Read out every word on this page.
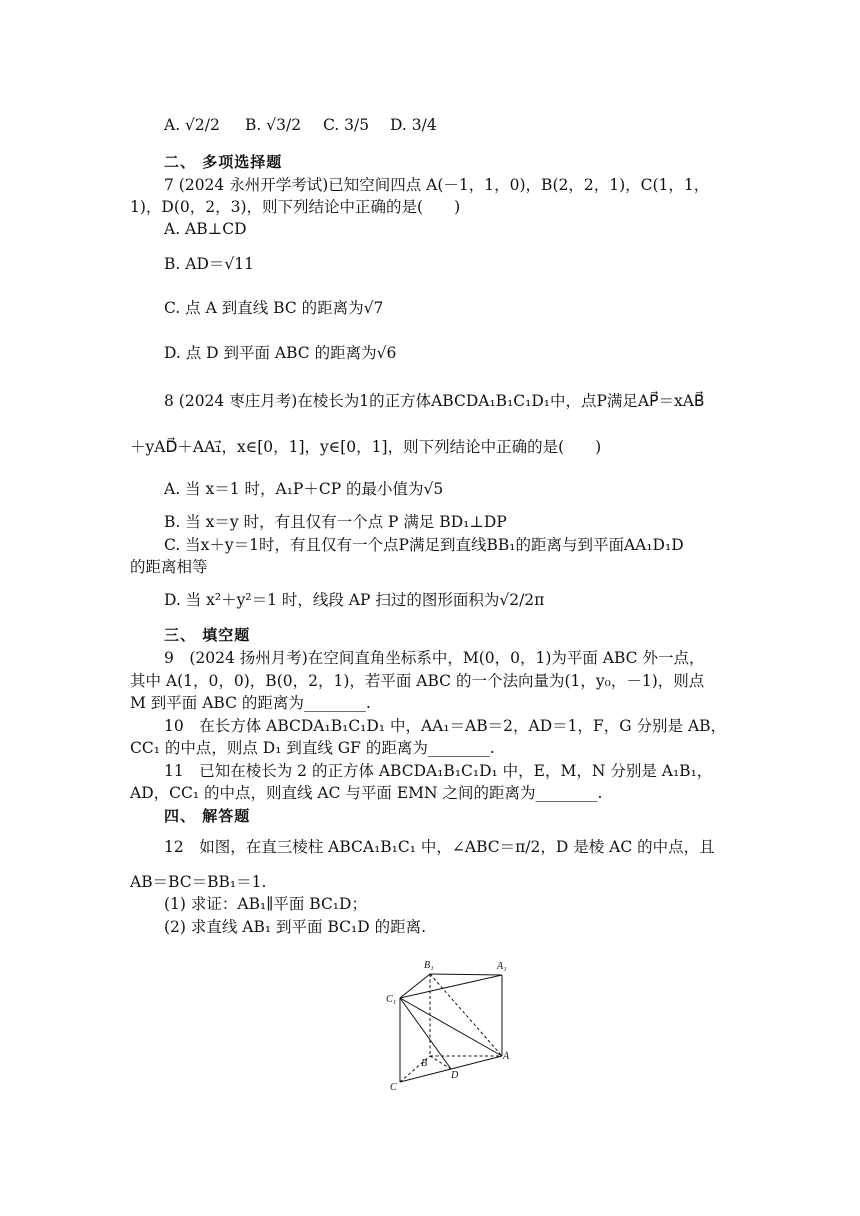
A. √2/2 B. √3/2 C. 3/5 D. 3/4
二、 多项选择题
7 (2024 永州开学考试)已知空间四点 A(－1，1，0)，B(2，2，1)，C(1，1，
1)，D(0，2，3)，则下列结论中正确的是(　　)
A. AB⊥CD
B. AD＝√11
C. 点 A 到直线 BC 的距离为√7
D. 点 D 到平面 ABC 的距离为√6
8 (2024 枣庄月考)在棱长为1的正方体ABCDA₁B₁C₁D₁中，点P满足AP⃗＝xAB⃗
＋yAD⃗＋AA₁⃗，x∈[0，1]，y∈[0，1]，则下列结论中正确的是(　　)
A. 当 x＝1 时，A₁P＋CP 的最小值为√5
B. 当 x＝y 时，有且仅有一个点 P 满足 BD₁⊥DP
C. 当x＋y＝1时，有且仅有一个点P满足到直线BB₁的距离与到平面AA₁D₁D
的距离相等
D. 当 x²＋y²＝1 时，线段 AP 扫过的图形面积为√2/2π
三、 填空题
9　(2024 扬州月考)在空间直角坐标系中，M(0，0，1)为平面 ABC 外一点，
其中 A(1，0，0)，B(0，2，1)，若平面 ABC 的一个法向量为(1，y₀，－1)，则点
M 到平面 ABC 的距离为________.
10　在长方体 ABCDA₁B₁C₁D₁ 中，AA₁＝AB＝2，AD＝1，F，G 分别是 AB，
CC₁ 的中点，则点 D₁ 到直线 GF 的距离为________.
11　已知在棱长为 2 的正方体 ABCDA₁B₁C₁D₁ 中，E，M，N 分别是 A₁B₁，
AD，CC₁ 的中点，则直线 AC 与平面 EMN 之间的距离为________.
四、 解答题
12　如图，在直三棱柱 ABCA₁B₁C₁ 中，∠ABC＝π/2，D 是棱 AC 的中点，且
AB＝BC＝BB₁＝1.
(1) 求证：AB₁∥平面 BC₁D；
(2) 求直线 AB₁ 到平面 BC₁D 的距离.
B₁	A₁
C₁
B
A
D
C
